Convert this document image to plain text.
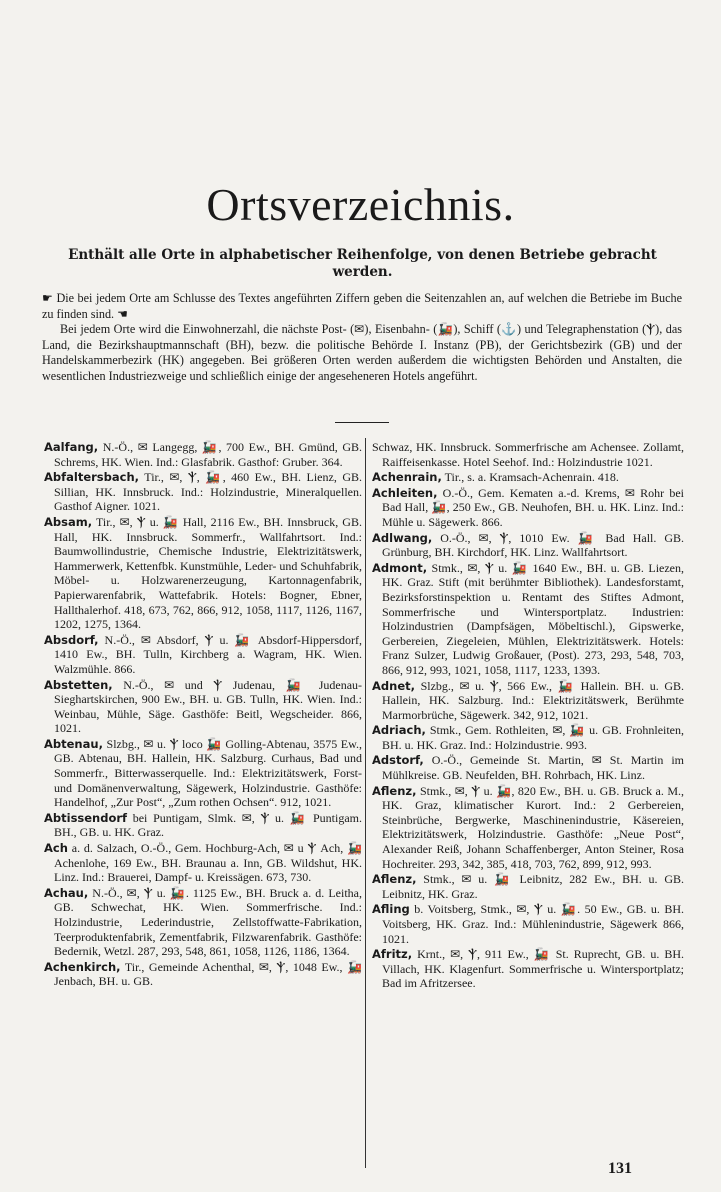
Ortsverzeichnis.
Enthält alle Orte in alphabetischer Reihenfolge, von denen Betriebe gebracht werden.

☛ Die bei jedem Orte am Schlusse des Textes angeführten Ziffern geben die Seitenzahlen an, auf welchen die Betriebe im Buche zu finden sind. ☚

Bei jedem Orte wird die Einwohnerzahl, die nächste Post- (✉), Eisenbahn- (🚂), Schiff (⚓) und Telegraphenstation (Ⲯ), das Land, die Bezirkshauptmannschaft (BH), bezw. die politische Behörde I. Instanz (PB), der Gerichtsbezirk (GB) und der Handelskammerbezirk (HK) angegeben. Bei größeren Orten werden außerdem die wichtigsten Behörden und Anstalten, die wesentlichen Industriezweige und schließlich einige der angeseheneren Hotels angeführt.

Aalfang, N.-Ö., ✉ Langegg, 🚂, 700 Ew., BH. Gmünd, GB. Schrems, HK. Wien. Ind.: Glasfabrik. Gasthof: Gruber. 364.

Abfaltersbach, Tir., ✉, Ⲯ, 🚂, 460 Ew., BH. Lienz, GB. Sillian, HK. Innsbruck. Ind.: Holzindustrie, Mineralquellen. Gasthof Aigner. 1021.

Absam, Tir., ✉, Ⲯ u. 🚂 Hall, 2116 Ew., BH. Innsbruck, GB. Hall, HK. Innsbruck. Sommerfr., Wallfahrtsort. Ind.: Baumwollindustrie, Chemische Industrie, Elektrizitätswerk, Hammerwerk, Kettenfbk. Kunstmühle, Leder- und Schuhfabrik, Möbel- u. Holzwarenerzeugung, Kartonnagenfabrik, Papierwarenfabrik, Wattefabrik. Hotels: Bogner, Ebner, Hallthalerhof. 418, 673, 762, 866, 912, 1058, 1117, 1126, 1167, 1202, 1275, 1364.

Absdorf, N.-Ö., ✉ Absdorf, Ⲯ u. 🚂 Absdorf-Hippersdorf, 1410 Ew., BH. Tulln, Kirchberg a. Wagram, HK. Wien. Walzmühle. 866.

Abstetten, N.-Ö., ✉ und Ⲯ Judenau, 🚂 Judenau-Sieghartskirchen, 900 Ew., BH. u. GB. Tulln, HK. Wien. Ind.: Weinbau, Mühle, Säge. Gasthöfe: Beitl, Wegscheider. 866, 1021.

Abtenau, Slzbg., ✉ u. Ⲯ loco 🚂 Golling-Abtenau, 3575 Ew., GB. Abtenau, BH. Hallein, HK. Salzburg. Curhaus, Bad und Sommerfr., Bitterwasserquelle. Ind.: Elektrizitätswerk, Forst- und Domänenverwaltung, Sägewerk, Holzindustrie. Gasthöfe: Handelhof, „Zur Post“, „Zum rothen Ochsen“. 912, 1021.

Abtissendorf bei Puntigam, Slmk. ✉, Ⲯ u. 🚂 Puntigam. BH., GB. u. HK. Graz.

Ach a. d. Salzach, O.-Ö., Gem. Hochburg-Ach, ✉ u Ⲯ Ach, 🚂 Achenlohe, 169 Ew., BH. Braunau a. Inn, GB. Wildshut, HK. Linz. Ind.: Brauerei, Dampf- u. Kreissägen. 673, 730.

Achau, N.-Ö., ✉, Ⲯ u. 🚂. 1125 Ew., BH. Bruck a. d. Leitha, GB. Schwechat, HK. Wien. Sommerfrische. Ind.: Holzindustrie, Lederindustrie, Zellstoffwatte-Fabrikation, Teerproduktenfabrik, Zementfabrik, Filzwarenfabrik. Gasthöfe: Bedernik, Wetzl. 287, 293, 548, 861, 1058, 1126, 1186, 1364.

Achenkirch, Tir., Gemeinde Achenthal, ✉, Ⲯ, 1048 Ew., 🚂 Jenbach, BH. u. GB.

Schwaz, HK. Innsbruck. Sommerfrische am Achensee. Zollamt, Raiffeisenkasse. Hotel Seehof. Ind.: Holzindustrie 1021.

Achenrain, Tir., s. a. Kramsach-Achenrain. 418.

Achleiten, O.-Ö., Gem. Kematen a.-d. Krems, ✉ Rohr bei Bad Hall, 🚂, 250 Ew., GB. Neuhofen, BH. u. HK. Linz. Ind.: Mühle u. Sägewerk. 866.

Adlwang, O.-Ö., ✉, Ⲯ, 1010 Ew. 🚂 Bad Hall. GB. Grünburg, BH. Kirchdorf, HK. Linz. Wallfahrtsort.

Admont, Stmk., ✉, Ⲯ u. 🚂 1640 Ew., BH. u. GB. Liezen, HK. Graz. Stift (mit berühmter Bibliothek). Landesforstamt, Bezirksforstinspektion u. Rentamt des Stiftes Admont, Sommerfrische und Wintersportplatz. Industrien: Holzindustrien (Dampfsägen, Möbeltischl.), Gipswerke, Gerbereien, Ziegeleien, Mühlen, Elektrizitätswerk. Hotels: Franz Sulzer, Ludwig Großauer, (Post). 273, 293, 548, 703, 866, 912, 993, 1021, 1058, 1117, 1233, 1393.

Adnet, Slzbg., ✉ u. Ⲯ, 566 Ew., 🚂 Hallein. BH. u. GB. Hallein, HK. Salzburg. Ind.: Elektrizitätswerk, Berühmte Marmorbrüche, Sägewerk. 342, 912, 1021.

Adriach, Stmk., Gem. Rothleiten, ✉, 🚂 u. GB. Frohnleiten, BH. u. HK. Graz. Ind.: Holzindustrie. 993.

Adstorf, O.-Ö., Gemeinde St. Martin, ✉ St. Martin im Mühlkreise. GB. Neufelden, BH. Rohrbach, HK. Linz.

Aflenz, Stmk., ✉, Ⲯ u. 🚂, 820 Ew., BH. u. GB. Bruck a. M., HK. Graz, klimatischer Kurort. Ind.: 2 Gerbereien, Steinbrüche, Bergwerke, Maschinenindustrie, Käsereien, Elektrizitätswerk, Holzindustrie. Gasthöfe: „Neue Post“, Alexander Reiß, Johann Schaffenberger, Anton Steiner, Rosa Hochreiter. 293, 342, 385, 418, 703, 762, 899, 912, 993.

Aflenz, Stmk., ✉ u. 🚂 Leibnitz, 282 Ew., BH. u. GB. Leibnitz, HK. Graz.

Afling b. Voitsberg, Stmk., ✉, Ⲯ u. 🚂. 50 Ew., GB. u. BH. Voitsberg, HK. Graz. Ind.: Mühlenindustrie, Sägewerk 866, 1021.

Afritz, Krnt., ✉, Ⲯ, 911 Ew., 🚂 St. Ruprecht, GB. u. BH. Villach, HK. Klagenfurt. Sommerfrische u. Wintersportplatz; Bad im Afritzersee.

131
